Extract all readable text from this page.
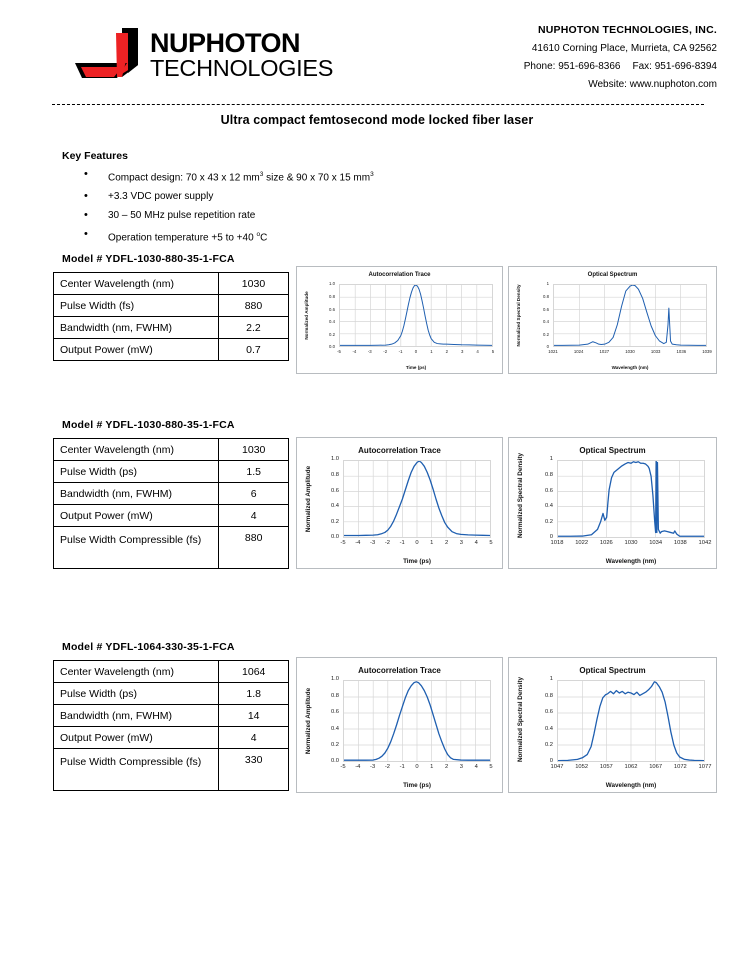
NUPHOTON
TECHNOLOGIES
NUPHOTON TECHNOLOGIES, INC.
41610 Corning Place, Murrieta, CA 92562
Phone: 951-696-8366 Fax: 951-696-8394
Website: www.nuphoton.com
Ultra compact femtosecond mode locked fiber laser
Key Features
• Compact design: 70 x 43 x 12 $mm^3$ size & 90 x 70 x 15 $mm^3$
• +3.3 VDC power supply
• 30 – 50 MHz pulse repetition rate
• Operation temperature +5 to +40 $^o$C
Model # YDFL-1030-880-35-1-FCA
Center Wavelength (nm)	1030
Pulse Width (fs)	880
Bandwidth (nm, FWHM)	2.2
Output Power (mW)	0.7
Autocorrelation Trace
Normalized Amplitude
Time (ps)
1.0
0.8
0.6
0.4
0.2
0.0
-5	-4	-3	-2	-1	0	1	2	3	4	5
Optical Spectrum
Normalized Spectral Density
Wavelength (nm)
1
0.8
0.6
0.4
0.2
0
1021	1024	1027	1030	1033	1036	1039
Model # YDFL-1030-880-35-1-FCA
Center Wavelength (nm)	1030
Pulse Width (ps)	1.5
Bandwidth (nm, FWHM)	6
Output Power (mW)	4
Pulse Width Compressible (fs)	880
Autocorrelation Trace
Normalized Amplitude
Time (ps)
1.0
0.8
0.6
0.4
0.2
0.0
-5	-4	-3	-2	-1	0	1	2	3	4	5
Optical Spectrum
Normalized Spectral Density
Wavelength (nm)
1
0.8
0.6
0.4
0.2
0
1018	1022	1026	1030	1034	1038	1042
Model # YDFL-1064-330-35-1-FCA
Center Wavelength (nm)	1064
Pulse Width (ps)	1.8
Bandwidth (nm, FWHM)	14
Output Power (mW)	4
Pulse Width Compressible (fs)	330
Autocorrelation Trace
Normalized Amplitude
Time (ps)
1.0
0.8
0.6
0.4
0.2
0.0
-5	-4	-3	-2	-1	0	1	2	3	4	5
Optical Spectrum
Normalized Spectral Density
Wavelength (nm)
1
0.8
0.6
0.4
0.2
0
1047	1052	1057	1062	1067	1072	1077
